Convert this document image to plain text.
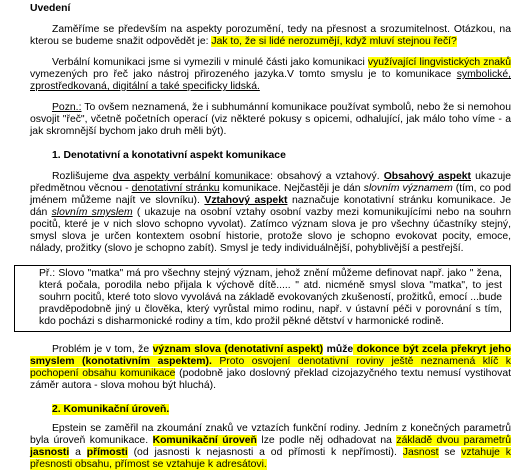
Uvedení

Zaměříme se především na aspekty porozumění, tedy na přesnost a srozumitelnost. Otázkou, na kterou se budeme snažit odpovědět je: Jak to, že si lidé nerozumějí, když mluví stejnou řečí?

Verbální komunikaci jsme si vymezili v minulé části jako komunikaci využívající lingvistických znaků vymezených pro řeč jako nástroj přirozeného jazyka.V tomto smyslu je to komunikace symbolické, zprostředkovaná, digitální a také specificky lidská.

Pozn.: To ovšem neznamená, že i subhumánní komunikace používat symbolů, nebo že si nemohou osvojit "řeč", včetně početních operací (viz některé pokusy s opicemi, odhalující, jak málo toho víme - a jak skromnější bychom jako druh měli být).

1. Denotativní a konotativní aspekt komunikace

Rozlišujeme dva aspekty verbální komunikace: obsahový a vztahový. Obsahový aspekt ukazuje předmětnou věcnou - denotativní stránku komunikace. Nejčastěji je dán slovním významem (tím, co pod jménem můžeme najít ve slovníku). Vztahový aspekt naznačuje konotativní stránku komunikace. Je dán slovním smyslem ( ukazuje na osobní vztahy osobní vazby mezi komunikujícími nebo na souhrn pocitů, které je v nich slovo schopno vyvolat). Zatímco význam slova je pro všechny účastníky stejný, smysl slova je určen kontextem osobní historie, protože slovo je schopno evokovat pocity, emoce, nálady, prožitky (slovo je schopno zabít). Smysl je tedy individuálnější, pohyblivější a pestřejší.

Př.: Slovo "matka" má pro všechny stejný význam, jehož znění můžeme definovat např. jako " žena, která počala, porodila nebo přijala k výchově dítě..... " atd. nicméně smysl slova "matka", to jest souhrn pocitů, které toto slovo vyvolává na základě evokovaných zkušeností, prožitků, emocí ...bude pravděpodobně jiný u člověka, který vyrůstal mimo rodinu, např. v ústavní péči v porovnání s tím, kdo pocházi s disharmonické rodiny a tím, kdo prožil pěkné dětství v harmonické rodině.

Problém je v tom, že význam slova (denotativní aspekt) může dokonce být zcela překryt jeho smyslem (konotativním aspektem). Proto osvojení denotativní roviny ještě neznamená klíč k pochopení obsahu komunikace (podobně jako doslovný překlad cizojazyčného textu nemusí vystihovat záměr autora - slova mohou být hluchá).

2. Komunikační úroveň.

Epstein se zaměřil na zkoumání znaků ve vztazích funkční rodiny. Jedním z konečných parametrů byla úroveň komunikace. Komunikační úroveň lze podle něj odhadovat na základě dvou parametrů jasnosti a přímosti (od jasnosti k nejasnosti a od přímosti k nepřímosti). Jasnost se vztahuje k přesnosti obsahu, přímost se vztahuje k adresátovi.
